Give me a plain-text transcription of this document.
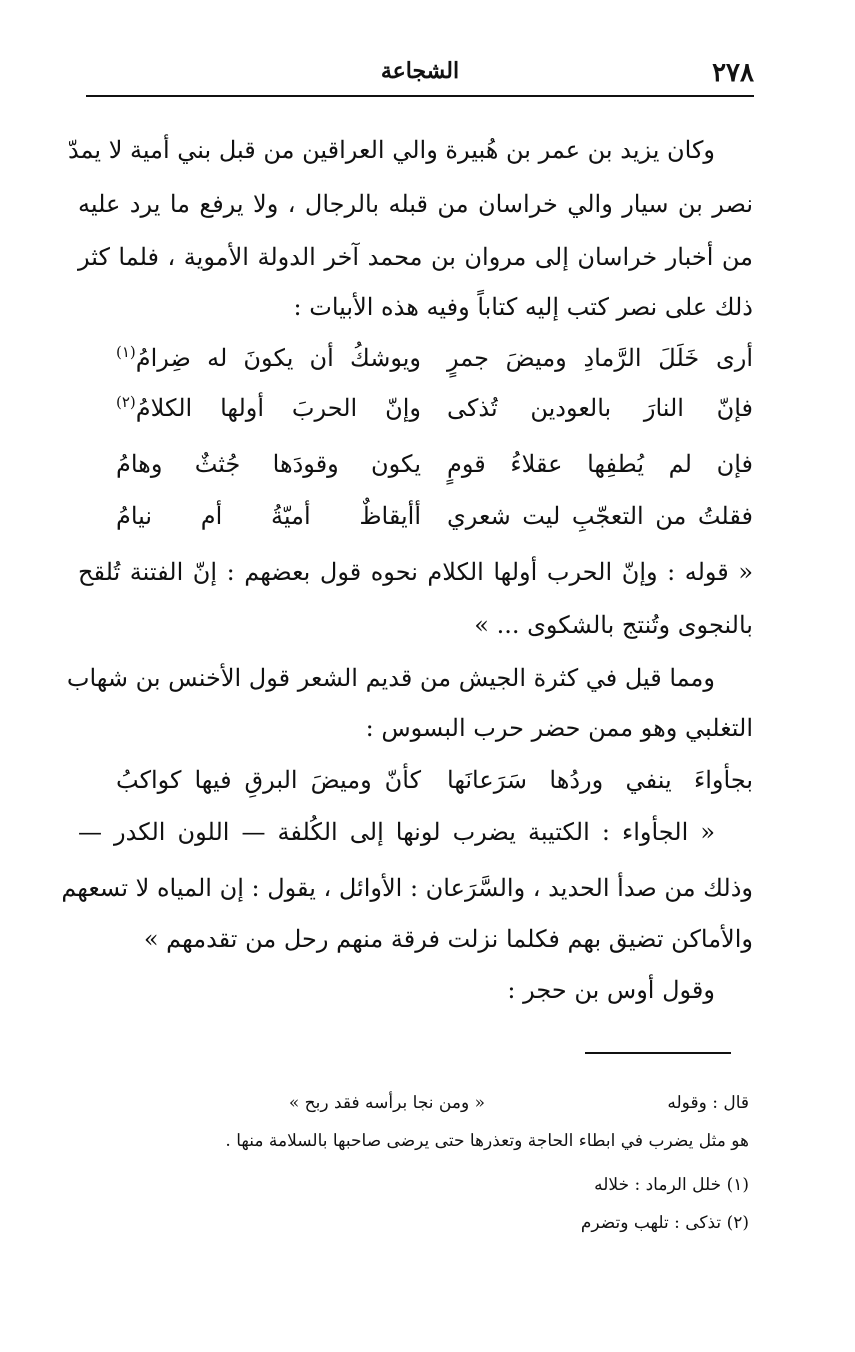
٢٧٨
الشجاعة
وكان يزيد بن عمر بن هُبيرة والي العراقين من قبل بني أمية لا يمدّ
نصر بن سيار والي خراسان من قبله بالرجال ، ولا يرفع ما يرد عليه
من أخبار خراسان إلى مروان بن محمد آخر الدولة الأموية ، فلما كثر
ذلك على نصر كتب إليه كتاباً وفيه هذه الأبيات :
أرى خَلَلَ الرَّمادِ وميضَ جمرٍ
ويوشكُ أن يكونَ له ضِرامُ$^{(١)}$
فإنّ النارَ بالعودين تُذكى
وإنّ الحربَ أولها الكلامُ$^{(٢)}$
فإن لم يُطفِها عقلاءُ قومٍ
يكون وقودَها جُثثٌ وهامُ
فقلتُ من التعجّبِ ليت شعري
أأيقاظٌ أميّةُ أم نيامُ
« قوله : وإنّ الحرب أولها الكلام نحوه قول بعضهم : إنّ الفتنة تُلقح
بالنجوى وتُنتج بالشكوى ... »
ومما قيل في كثرة الجيش من قديم الشعر قول الأخنس بن شهاب
التغلبي وهو ممن حضر حرب البسوس :
بجأواءَ ينفي وردُها سَرَعانَها
كأنّ وميضَ البرقِ فيها كواكبُ
« الجأواء : الكتيبة يضرب لونها إلى الكُلفة — اللون الكدر —
وذلك من صدأ الحديد ، والسَّرَعان : الأوائل ، يقول : إن المياه لا تسعهم
والأماكن تضيق بهم فكلما نزلت فرقة منهم رحل من تقدمهم »
وقول أوس بن حجر :
قال : وقوله
« ومن نجا برأسه فقد ربح »
هو مثل يضرب في ابطاء الحاجة وتعذرها حتى يرضى صاحبها بالسلامة منها .
(١) خلل الرماد : خلاله
(٢) تذكى : تلهب وتضرم
